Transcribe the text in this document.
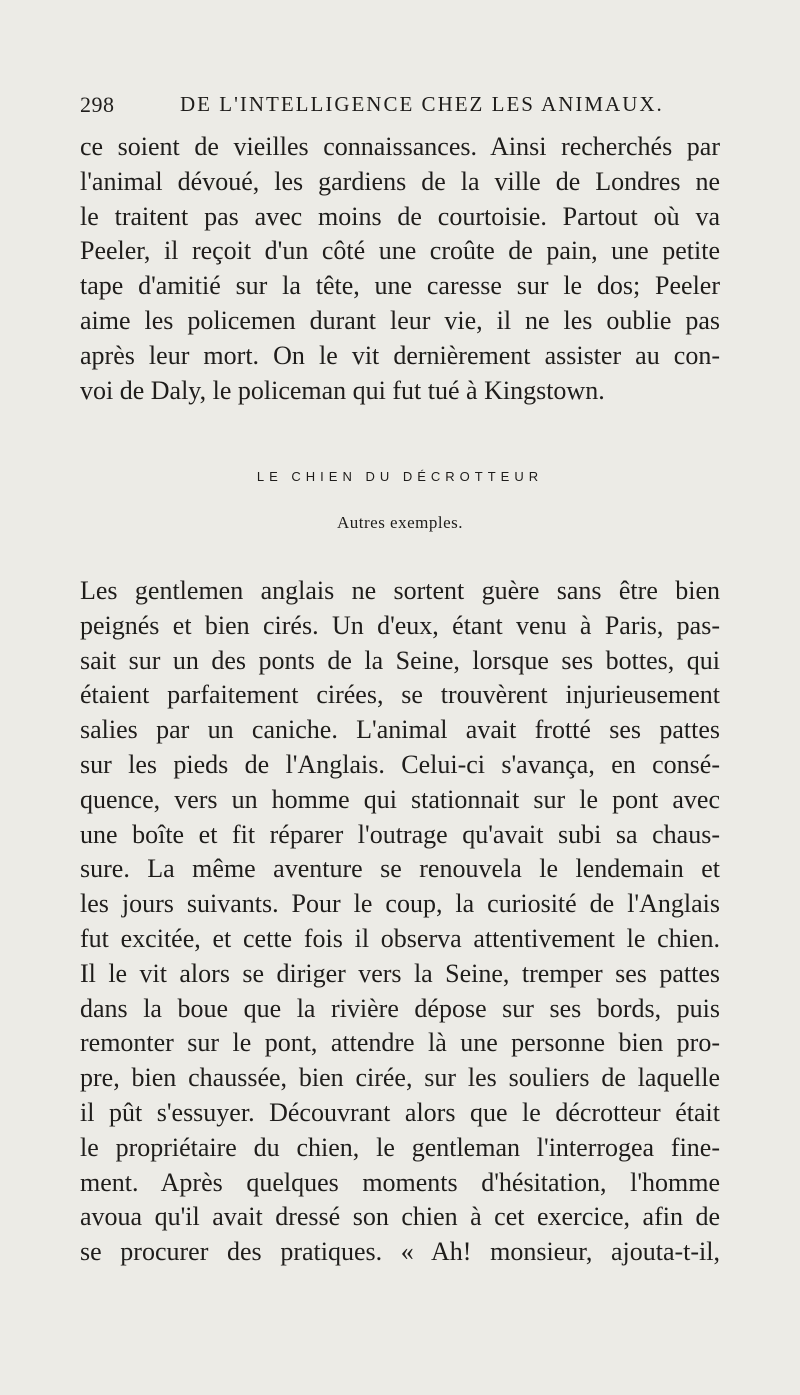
298	DE L'INTELLIGENCE CHEZ LES ANIMAUX.
ce soient de vieilles connaissances. Ainsi recherchés par
l'animal dévoué, les gardiens de la ville de Londres ne
le traitent pas avec moins de courtoisie. Partout où va
Peeler, il reçoit d'un côté une croûte de pain, une petite
tape d'amitié sur la tête, une caresse sur le dos; Peeler
aime les policemen durant leur vie, il ne les oublie pas
après leur mort. On le vit dernièrement assister au con-
voi de Daly, le policeman qui fut tué à Kingstown.
LE CHIEN DU DÉCROTTEUR
Autres exemples.
Les gentlemen anglais ne sortent guère sans être bien
peignés et bien cirés. Un d'eux, étant venu à Paris, pas-
sait sur un des ponts de la Seine, lorsque ses bottes, qui
étaient parfaitement cirées, se trouvèrent injurieusement
salies par un caniche. L'animal avait frotté ses pattes
sur les pieds de l'Anglais. Celui-ci s'avança, en consé-
quence, vers un homme qui stationnait sur le pont avec
une boîte et fit réparer l'outrage qu'avait subi sa chaus-
sure. La même aventure se renouvela le lendemain et
les jours suivants. Pour le coup, la curiosité de l'Anglais
fut excitée, et cette fois il observa attentivement le chien.
Il le vit alors se diriger vers la Seine, tremper ses pattes
dans la boue que la rivière dépose sur ses bords, puis
remonter sur le pont, attendre là une personne bien pro-
pre, bien chaussée, bien cirée, sur les souliers de laquelle
il pût s'essuyer. Découvrant alors que le décrotteur était
le propriétaire du chien, le gentleman l'interrogea fine-
ment. Après quelques moments d'hésitation, l'homme
avoua qu'il avait dressé son chien à cet exercice, afin de
se procurer des pratiques. « Ah! monsieur, ajouta-t-il,
